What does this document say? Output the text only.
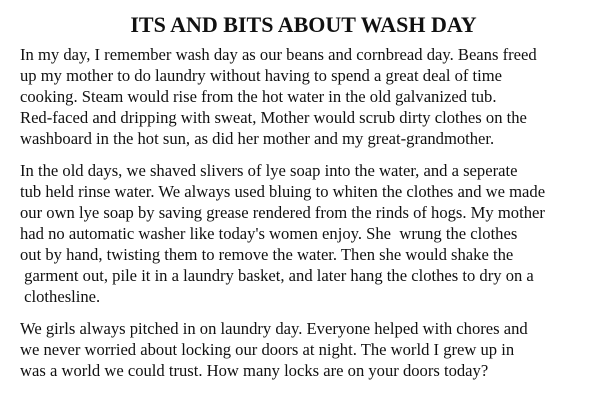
ITS AND BITS ABOUT WASH DAY
In my day, I remember wash day as our beans and cornbread day. Beans freed
up my mother to do laundry without having to spend a great deal of time
cooking. Steam would rise from the hot water in the old galvanized tub.
Red-faced and dripping with sweat, Mother would scrub dirty clothes on the
washboard in the hot sun, as did her mother and my great-grandmother.
In the old days, we shaved slivers of lye soap into the water, and a seperate
tub held rinse water. We always used bluing to whiten the clothes and we made
our own lye soap by saving grease rendered from the rinds of hogs. My mother
had no automatic washer like today's women enjoy. She  wrung the clothes
out by hand, twisting them to remove the water. Then she would shake the
garment out, pile it in a laundry basket, and later hang the clothes to dry on a
clothesline.
We girls always pitched in on laundry day. Everyone helped with chores and
we never worried about locking our doors at night. The world I grew up in
was a world we could trust. How many locks are on your doors today?
